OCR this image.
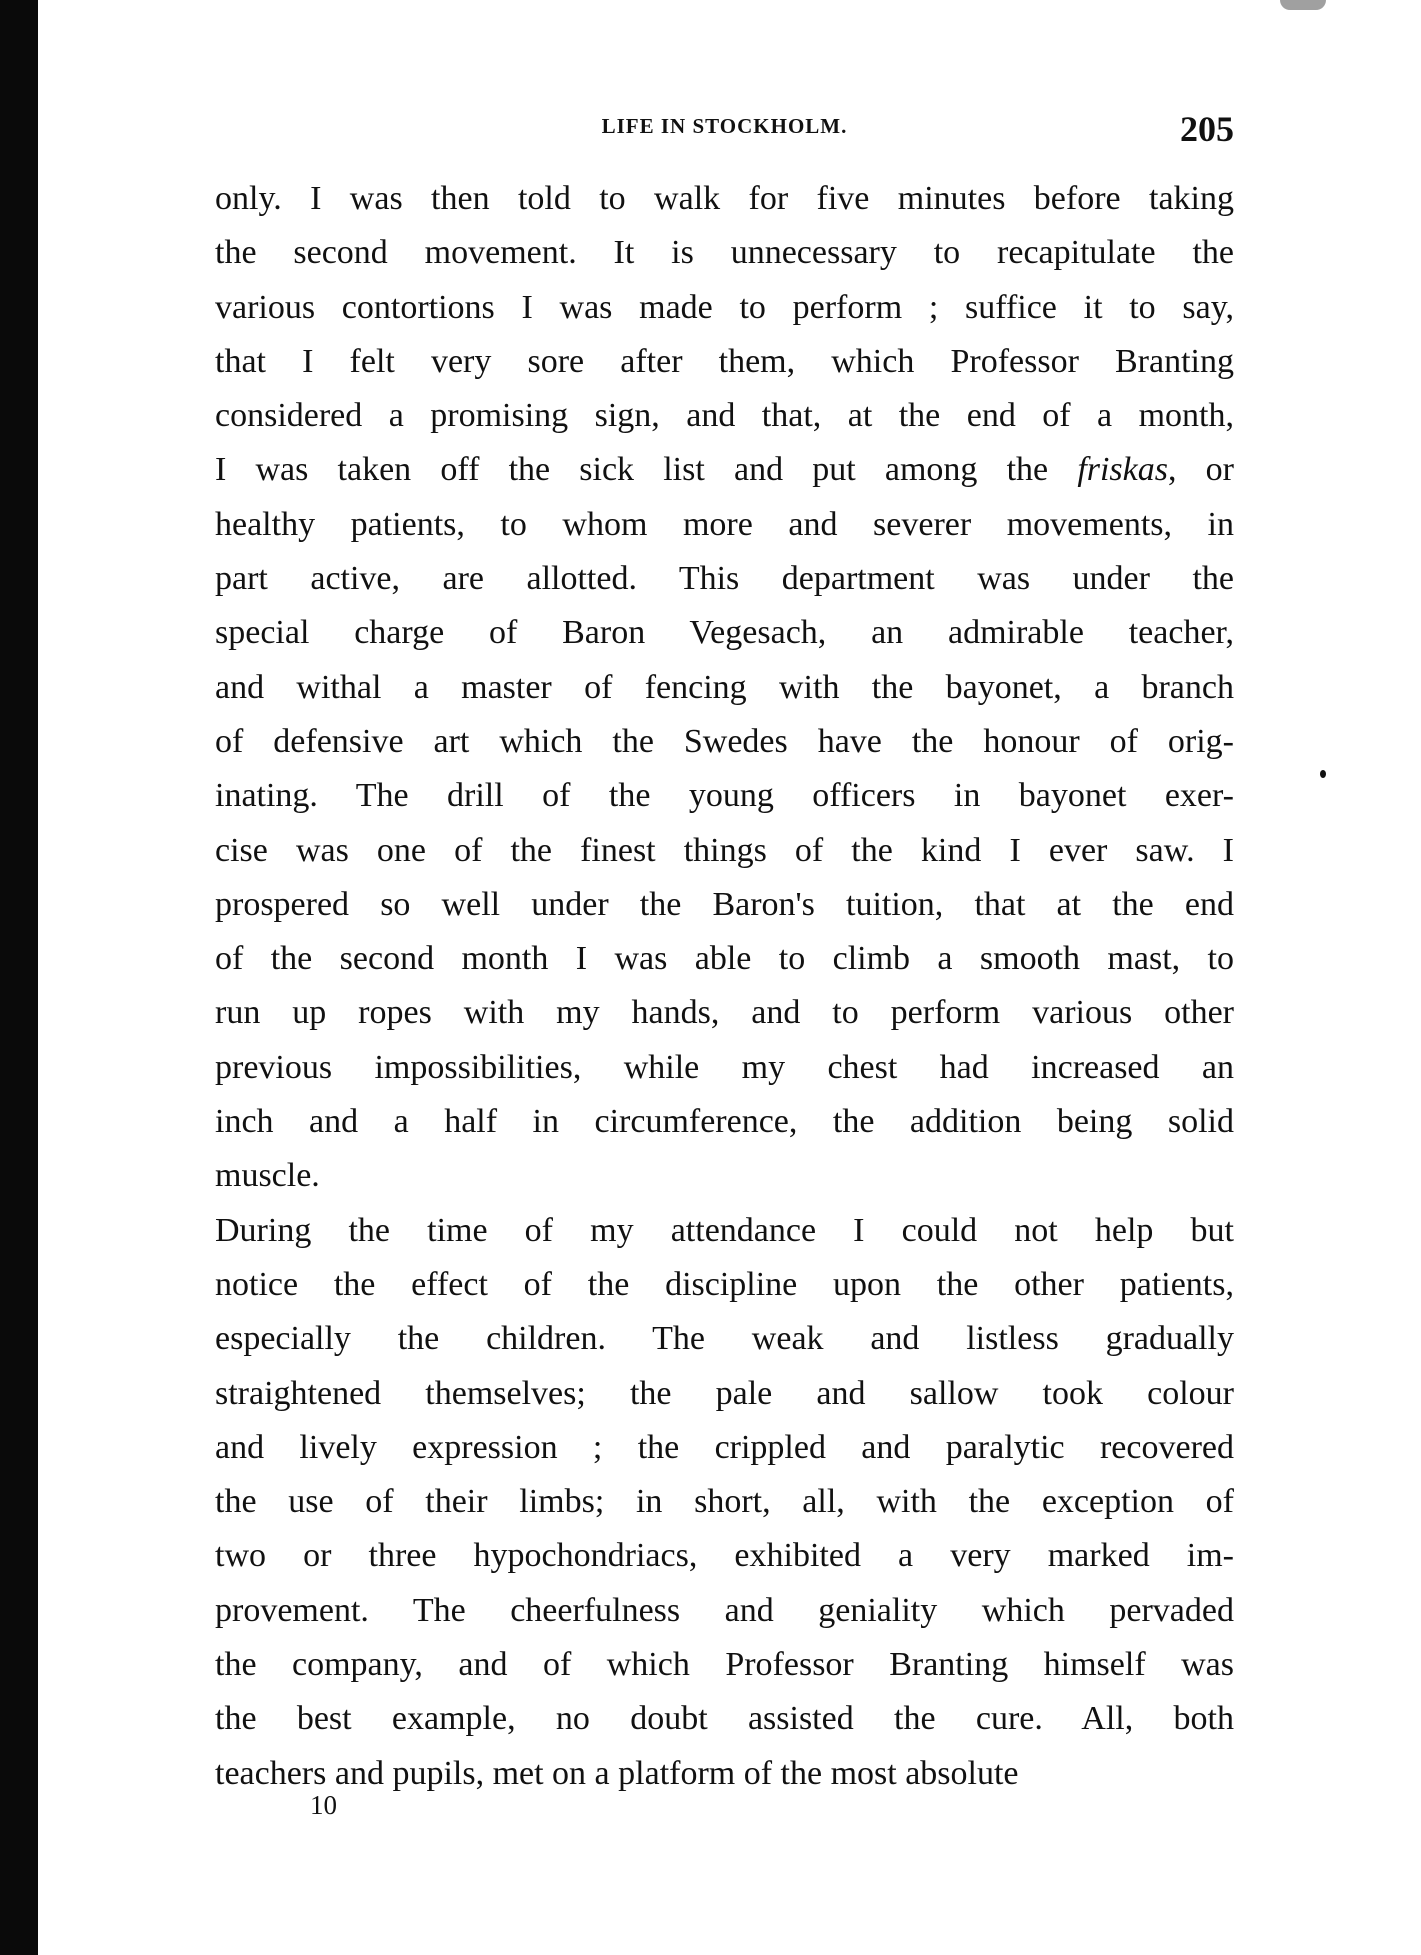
LIFE IN STOCKHOLM.	205
only. I was then told to walk for five minutes before taking
the second movement. It is unnecessary to recapitulate the
various contortions I was made to perform ; suffice it to say,
that I felt very sore after them, which Professor Branting
considered a promising sign, and that, at the end of a month,
I was taken off the sick list and put among the friskas, or
healthy patients, to whom more and severer movements, in
part active, are allotted. This department was under the
special charge of Baron Vegesach, an admirable teacher,
and withal a master of fencing with the bayonet, a branch
of defensive art which the Swedes have the honour of orig-
inating. The drill of the young officers in bayonet exer-
cise was one of the finest things of the kind I ever saw. I
prospered so well under the Baron's tuition, that at the end
of the second month I was able to climb a smooth mast, to
run up ropes with my hands, and to perform various other
previous impossibilities, while my chest had increased an
inch and a half in circumference, the addition being solid
muscle.
During the time of my attendance I could not help but
notice the effect of the discipline upon the other patients,
especially the children. The weak and listless gradually
straightened themselves; the pale and sallow took colour
and lively expression ; the crippled and paralytic recovered
the use of their limbs; in short, all, with the exception of
two or three hypochondriacs, exhibited a very marked im-
provement. The cheerfulness and geniality which pervaded
the company, and of which Professor Branting himself was
the best example, no doubt assisted the cure. All, both
teachers and pupils, met on a platform of the most absolute
10
